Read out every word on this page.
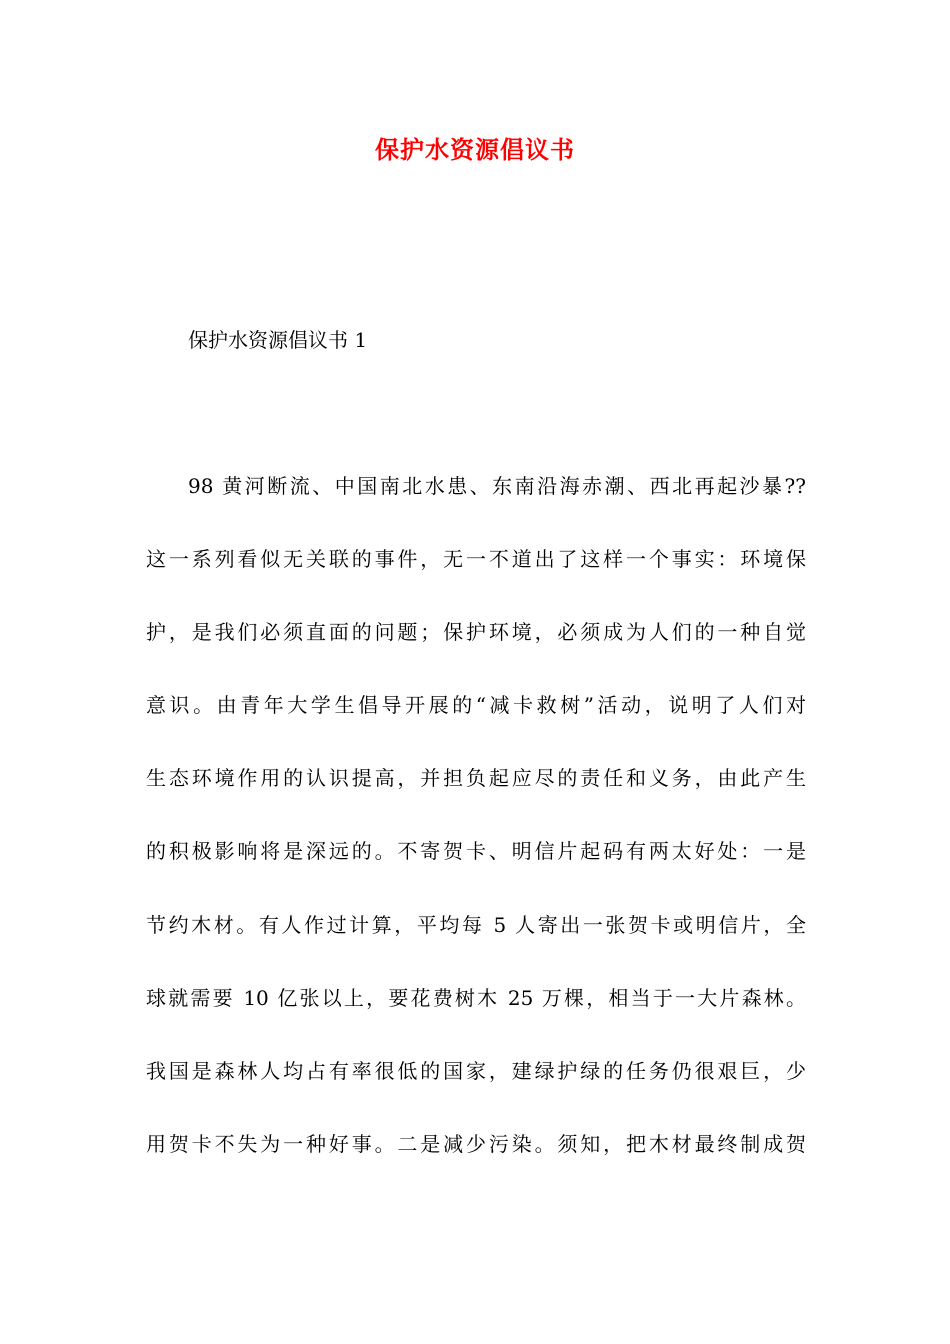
保护水资源倡议书
保护水资源倡议书 1
98 黄河断流、中国南北水患、东南沿海赤潮、西北再起沙暴??
这一系列看似无关联的事件，无一不道出了这样一个事实：环境保
护，是我们必须直面的问题；保护环境，必须成为人们的一种自觉
意识。由青年大学生倡导开展的“减卡救树”活动，说明了人们对
生态环境作用的认识提高，并担负起应尽的责任和义务，由此产生
的积极影响将是深远的。不寄贺卡、明信片起码有两太好处：一是
节约木材。有人作过计算，平均每 5 人寄出一张贺卡或明信片，全
球就需要 10 亿张以上，要花费树木 25 万棵，相当于一大片森林。
我国是森林人均占有率很低的国家，建绿护绿的任务仍很艰巨，少
用贺卡不失为一种好事。二是减少污染。须知，把木材最终制成贺
